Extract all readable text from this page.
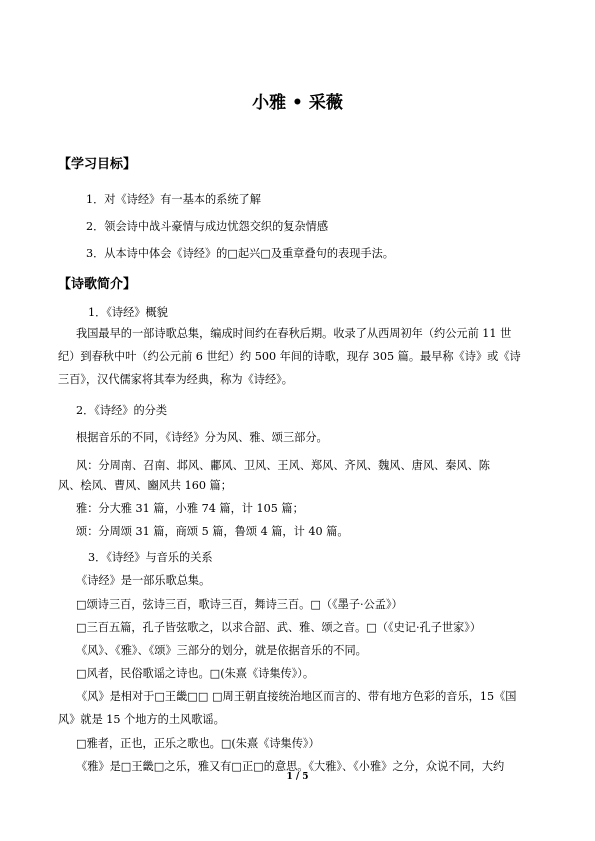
小雅 • 采薇
【学习目标】
1．对《诗经》有一基本的系统了解
2．领会诗中战斗豪情与成边忧怨交织的复杂情感
3．从本诗中体会《诗经》的□起兴□及重章叠句的表现手法。
【诗歌简介】
1．《诗经》概貌
我国最早的一部诗歌总集，编成时间约在春秋后期。收录了从西周初年（约公元前 11 世
纪）到春秋中叶（约公元前 6 世纪）约 500 年间的诗歌，现存 305 篇。最早称《诗》或《诗
三百》，汉代儒家将其奉为经典，称为《诗经》。
2．《诗经》的分类
根据音乐的不同，《诗经》分为风、雅、颂三部分。
风：分周南、召南、邶风、鄘风、卫风、王风、郑风、齐风、魏风、唐风、秦风、陈
风、桧风、曹风、豳风共 160 篇；
雅：分大雅 31 篇，小雅 74 篇，计 105 篇；
颂：分周颂 31 篇，商颂 5 篇，鲁颂 4 篇，计 40 篇。
3．《诗经》与音乐的关系
《诗经》是一部乐歌总集。
□颂诗三百，弦诗三百，歌诗三百，舞诗三百。□（《墨子·公孟》）
□三百五篇，孔子皆弦歌之，以求合韶、武、雅、颂之音。□（《史记·孔子世家》）
《风》、《雅》、《颂》三部分的划分，就是依据音乐的不同。
□风者，民俗歌谣之诗也。□(朱熹《诗集传》）。
《风》是相对于□王畿□□ □周王朝直接统治地区而言的、带有地方色彩的音乐，15《国
风》就是 15 个地方的土风歌谣。
□雅者，正也，正乐之歌也。□(朱熹《诗集传》）
《雅》是□王畿□之乐，雅又有□正□的意思。《大雅》、《小雅》之分，众说不同，大约
1 / 5
